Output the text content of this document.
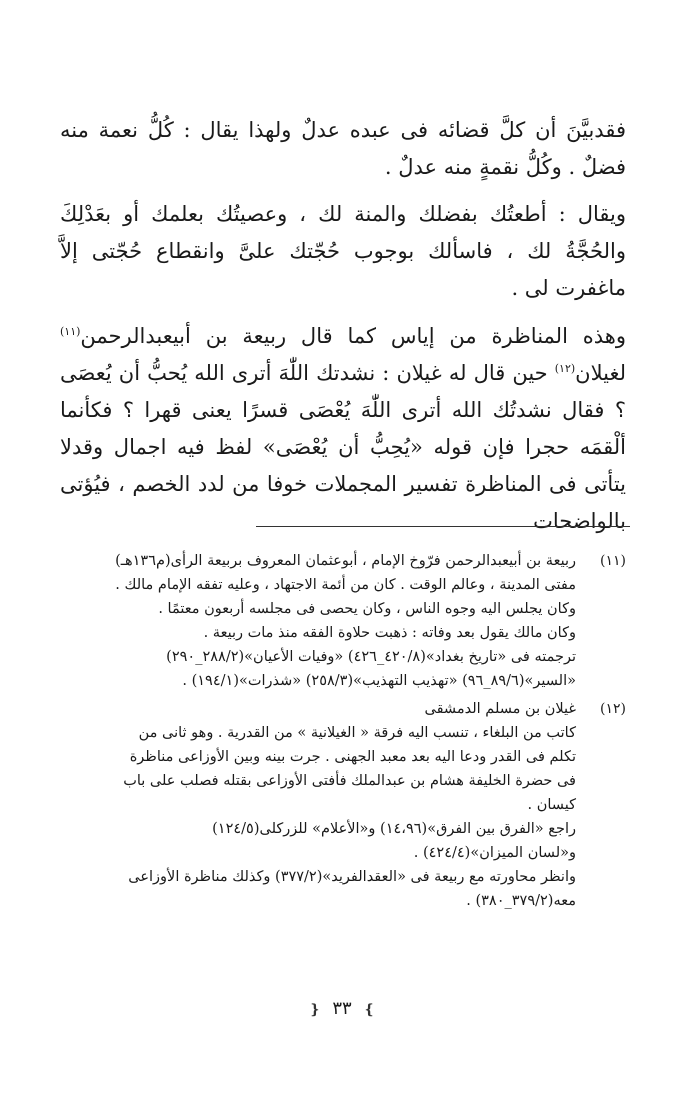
فقدبيَّنَ أن كلَّ قضائه فى عبده عدلٌ ولهذا يقال : كُلُّ نعمة منه فضلٌ . وكُلُّ نقمةٍ منه عدلٌ .

ويقال : أطعتُك بفضلك والمنة لك ، وعصيتُك بعلمك أو بعَدْلِكَ والحُجَّةُ لك ، فاسألك بوجوب حُجّتك علىَّ وانقطاع حُجّتى إلاَّ ماغفرت لى .

وهذه المناظرة من إياس كما قال ربيعة بن أبيعبدالرحمن$^{(١١)}$ لغيلان$^{(١٢)}$ حين قال له غيلان : نشدتك اللّٰهَ أترى الله يُحبُّ أن يُعصَى ؟ فقال نشدتُك الله أترى اللّٰهَ يُعْصَى قسرًا يعنى قهرا ؟ فكأنما ألْقمَه حجرا فإن قوله «يُحِبُّ أن يُعْصَى» لفظ فيه اجمال وقدلا يتأتى فى المناظرة تفسير المجملات خوفا من لدد الخصم ، فيُؤتى بالواضحات

(١١)

ربيعة بن أبيعبدالرحمن فرّوخ الإمام ، أبوعثمان المعروف بربيعة الرأى(م١٣٦هـ)

مفتى المدينة ، وعالم الوقت . كان من أئمة الاجتهاد ، وعليه تفقه الإمام مالك .

وكان يجلس اليه وجوه الناس ، وكان يحصى فى مجلسه أربعون معتمًا .

وكان مالك يقول بعد وفاته : ذهبت حلاوة الفقه منذ مات ربيعة .

ترجمته فى «تاريخ بغداد»(٤٢٠/٨_٤٢٦) «وفيات الأعيان»(٢٨٨/٢_٢٩٠)

«السير»(٨٩/٦_٩٦) «تهذيب التهذيب»(٢٥٨/٣) «شذرات»(١٩٤/١) .

(١٢)

غيلان بن مسلم الدمشقى

كاتب من البلغاء ، تنسب اليه فرقة « الغيلانية » من القدرية . وهو ثانى من

تكلم فى القدر ودعا اليه بعد معبد الجهنى . جرت بينه وبين الأوزاعى مناظرة

فى حضرة الخليفة هشام بن عبدالملك فأفتى الأوزاعى بقتله فصلب على باب

كيسان .

راجع «الفرق بين الفرق»(١٤،٩٦) و«الأعلام» للزركلى(١٢٤/٥)

و«لسان الميزان»(٤٢٤/٤) .

وانظر محاورته مع ربيعة فى «العقدالفريد»(٣٧٧/٢) وكذلك مناظرة الأوزاعى

معه(٣٧٩/٢_٣٨٠) .

❵ ٣٣ ❴
